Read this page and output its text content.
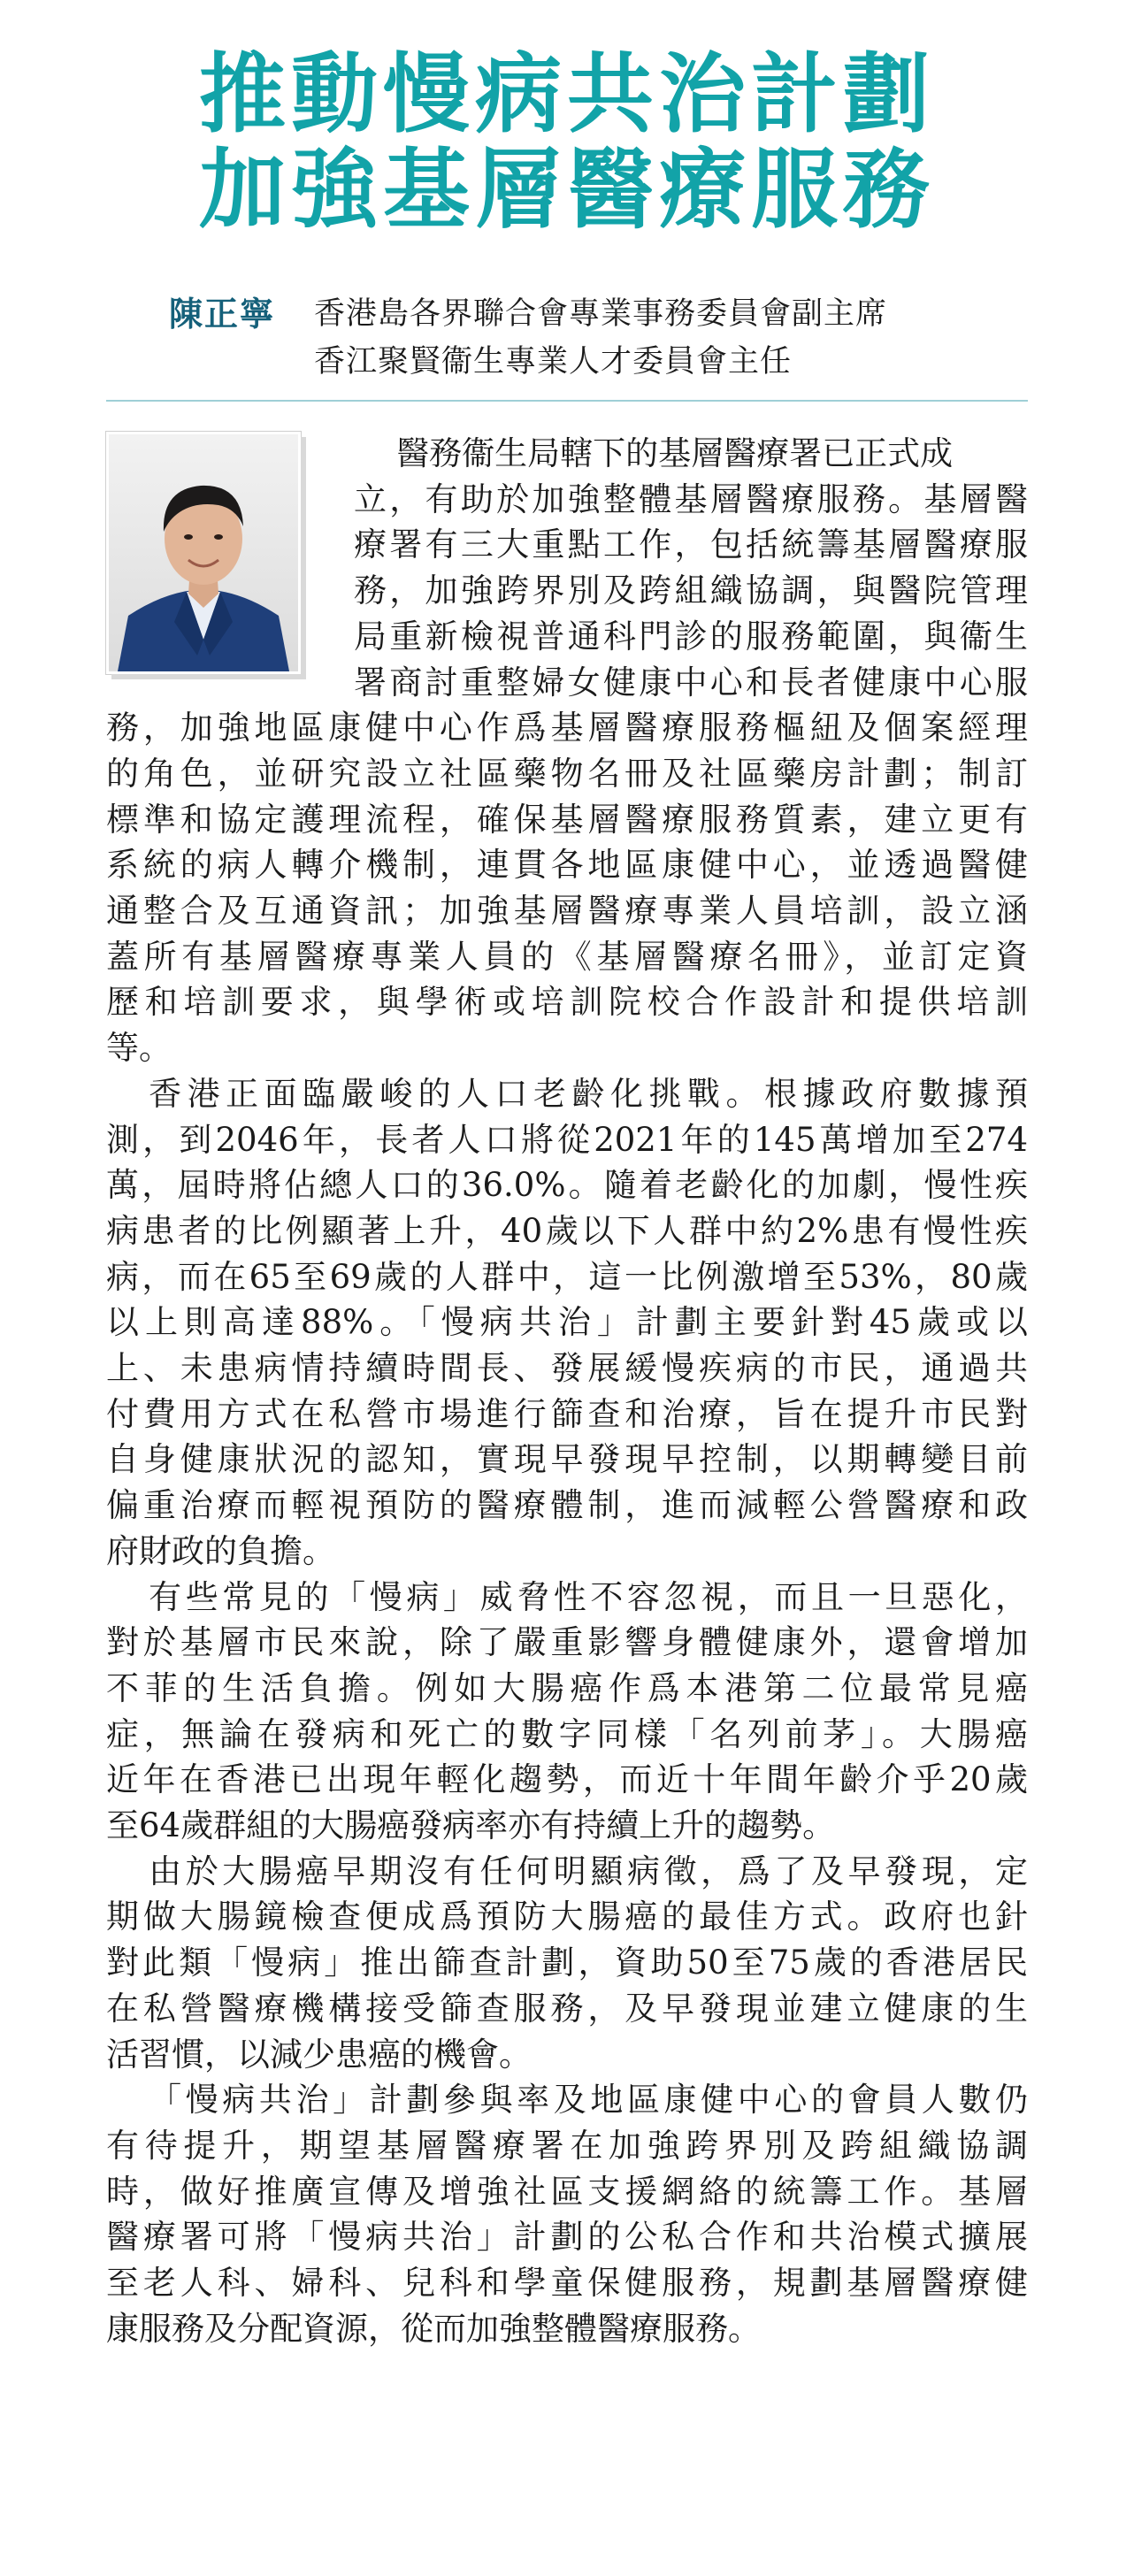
推動慢病共治計劃
加強基層醫療服務
陳正寧 香港島各界聯合會專業事務委員會副主席
香江聚賢衞生專業人才委員會主任
醫務衞生局轄下的基層醫療署已正式成
立，有助於加強整體基層醫療服務。基層醫
療署有三大重點工作，包括統籌基層醫療服
務，加強跨界別及跨組織協調，與醫院管理
局重新檢視普通科門診的服務範圍，與衞生
署商討重整婦女健康中心和長者健康中心服
務，加強地區康健中心作爲基層醫療服務樞紐及個案經理
的角色，並研究設立社區藥物名冊及社區藥房計劃；制訂
標準和協定護理流程，確保基層醫療服務質素，建立更有
系統的病人轉介機制，連貫各地區康健中心，並透過醫健
通整合及互通資訊；加強基層醫療專業人員培訓，設立涵
蓋所有基層醫療專業人員的《基層醫療名冊》，並訂定資
歷和培訓要求，與學術或培訓院校合作設計和提供培訓
等。
香港正面臨嚴峻的人口老齡化挑戰。根據政府數據預
測，到2046年，長者人口將從2021年的145萬增加至274
萬，屆時將佔總人口的36.0%。隨着老齡化的加劇，慢性疾
病患者的比例顯著上升，40歲以下人群中約2%患有慢性疾
病，而在65至69歲的人群中，這一比例激增至53%，80歲
以上則高達88%。「慢病共治」計劃主要針對45歲或以
上、未患病情持續時間長、發展緩慢疾病的市民，通過共
付費用方式在私營市場進行篩查和治療，旨在提升市民對
自身健康狀況的認知，實現早發現早控制，以期轉變目前
偏重治療而輕視預防的醫療體制，進而減輕公營醫療和政
府財政的負擔。
有些常見的「慢病」威脅性不容忽視，而且一旦惡化，
對於基層市民來說，除了嚴重影響身體健康外，還會增加
不菲的生活負擔。例如大腸癌作爲本港第二位最常見癌
症，無論在發病和死亡的數字同樣「名列前茅」。大腸癌
近年在香港已出現年輕化趨勢，而近十年間年齡介乎20歲
至64歲群組的大腸癌發病率亦有持續上升的趨勢。
由於大腸癌早期沒有任何明顯病徵，爲了及早發現，定
期做大腸鏡檢查便成爲預防大腸癌的最佳方式。政府也針
對此類「慢病」推出篩查計劃，資助50至75歲的香港居民
在私營醫療機構接受篩查服務，及早發現並建立健康的生
活習慣，以減少患癌的機會。
「慢病共治」計劃參與率及地區康健中心的會員人數仍
有待提升，期望基層醫療署在加強跨界別及跨組織協調
時，做好推廣宣傳及增強社區支援網絡的統籌工作。基層
醫療署可將「慢病共治」計劃的公私合作和共治模式擴展
至老人科、婦科、兒科和學童保健服務，規劃基層醫療健
康服務及分配資源，從而加強整體醫療服務。
